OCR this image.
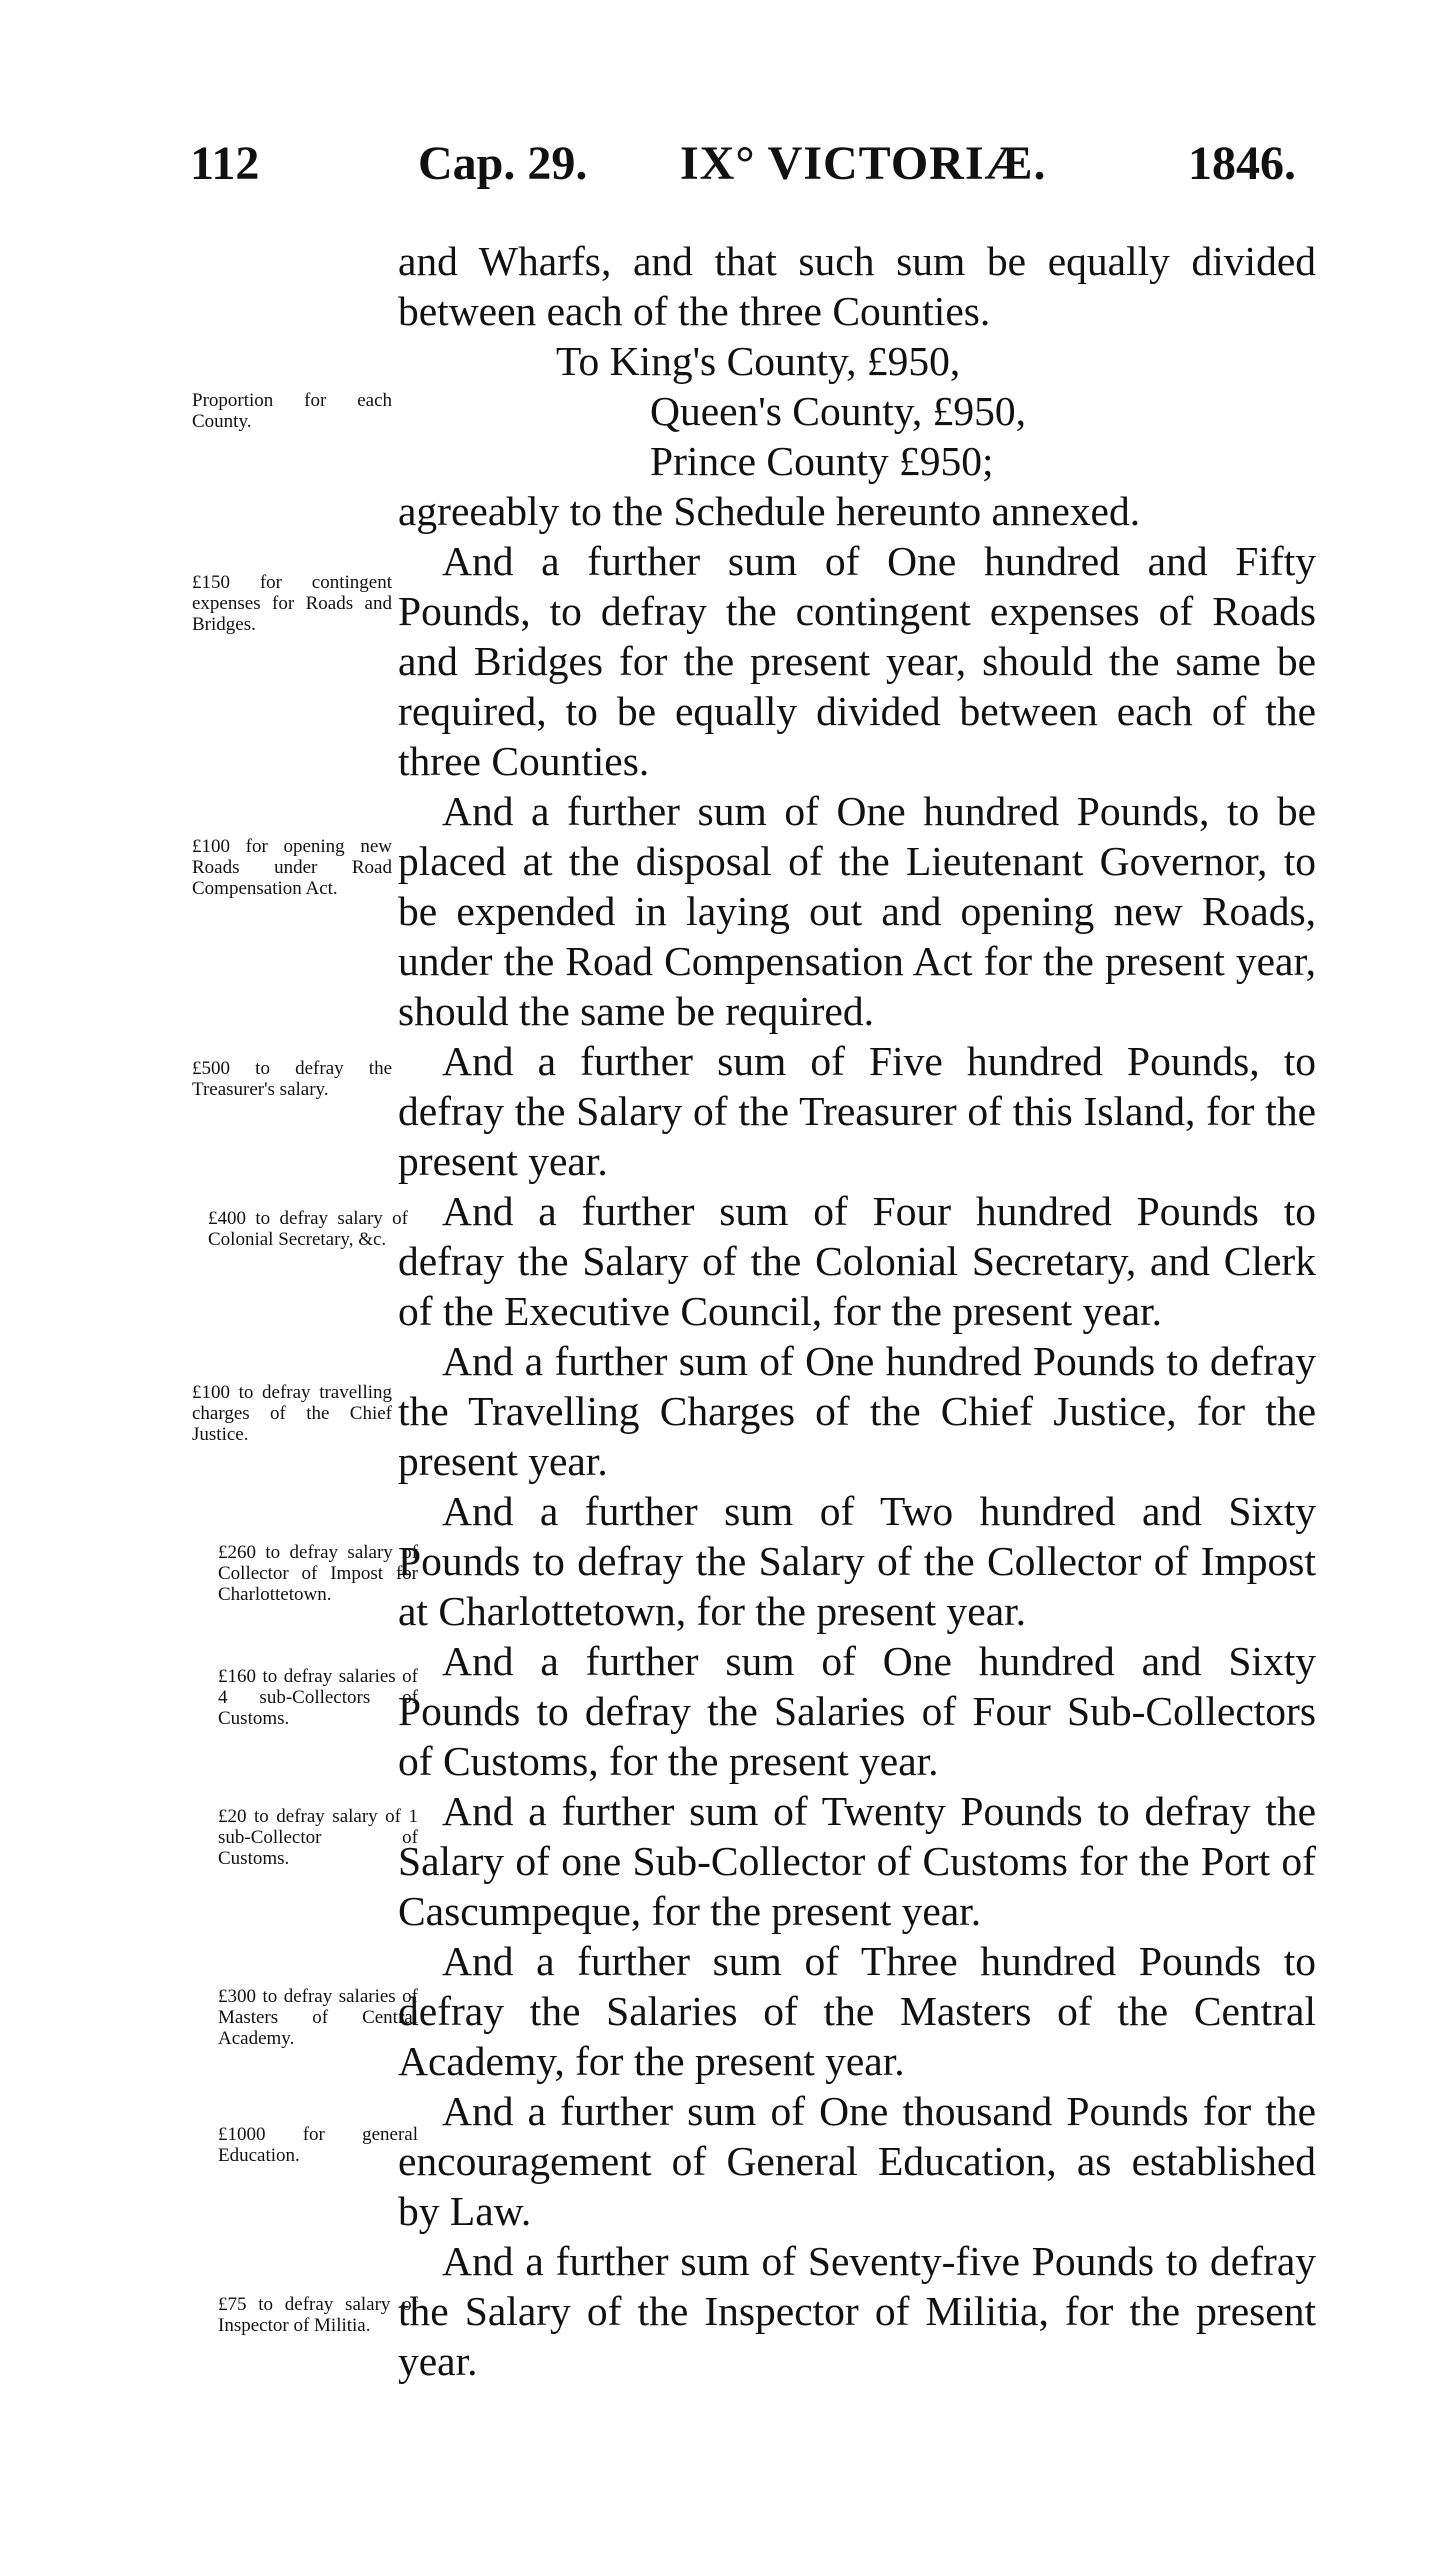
112	Cap. 29. IX° VICTORIÆ.	1846.
Proportion for each County.
£150 for contingent expenses for Roads and Bridges.
£100 for opening new Roads under Road Compensation Act.
£500 to defray the Treasurer's salary.
£400 to defray salary of Colonial Secretary, &c.
£100 to defray travelling charges of the Chief Justice.
£260 to defray salary of Collector of Impost for Charlottetown.
£160 to defray salaries of 4 sub-Collectors of Customs.
£20 to defray salary of 1 sub-Collector of Customs.
£300 to defray salaries of Masters of Central Academy.
£1000 for general Education.
£75 to defray salary of Inspector of Militia.

and Wharfs, and that such sum be equally divided between each of the three Counties.

To King's County, £950,
Queen's County, £950,
Prince County £950;

agreeably to the Schedule hereunto annexed.

And a further sum of One hundred and Fifty Pounds, to defray the contingent expenses of Roads and Bridges for the present year, should the same be required, to be equally divided between each of the three Counties.

And a further sum of One hundred Pounds, to be placed at the disposal of the Lieutenant Governor, to be expended in laying out and opening new Roads, under the Road Compensation Act for the present year, should the same be required.

And a further sum of Five hundred Pounds, to defray the Salary of the Treasurer of this Island, for the present year.

And a further sum of Four hundred Pounds to defray the Salary of the Colonial Secretary, and Clerk of the Executive Council, for the present year.

And a further sum of One hundred Pounds to defray the Travelling Charges of the Chief Justice, for the present year.

And a further sum of Two hundred and Sixty Pounds to defray the Salary of the Collector of Impost at Charlottetown, for the present year.

And a further sum of One hundred and Sixty Pounds to defray the Salaries of Four Sub-Collectors of Customs, for the present year.

And a further sum of Twenty Pounds to defray the Salary of one Sub-Collector of Customs for the Port of Cascumpeque, for the present year.

And a further sum of Three hundred Pounds to defray the Salaries of the Masters of the Central Academy, for the present year.

And a further sum of One thousand Pounds for the encouragement of General Education, as established by Law.

And a further sum of Seventy-five Pounds to defray the Salary of the Inspector of Militia, for the present year.
